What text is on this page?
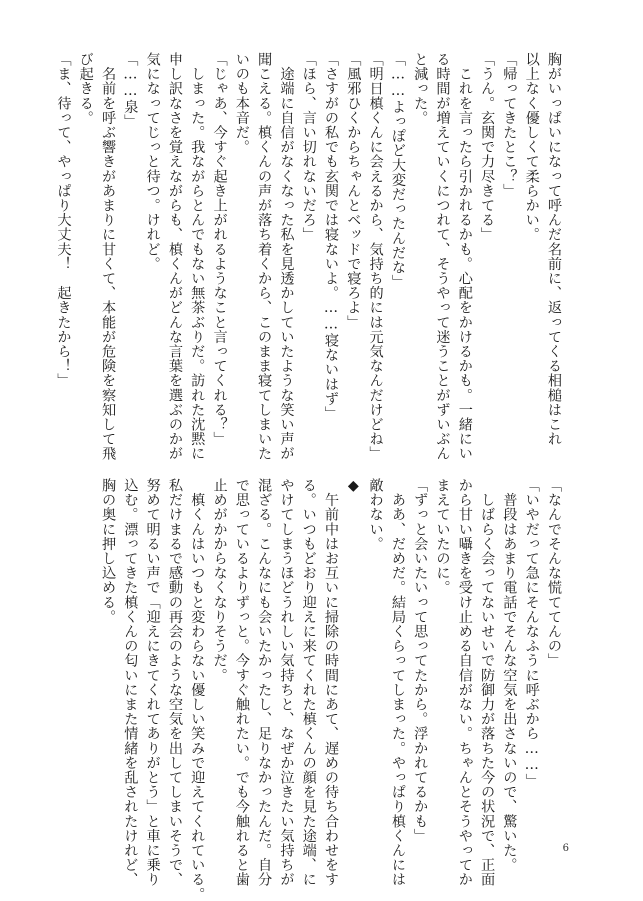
胸がいっぱいになって呼んだ名前に、返ってくる相槌はこれ
以上なく優しくて柔らかい。
「帰ってきたとこ？」
「うん。玄関で力尽きてる」
　これを言ったら引かれるかも。心配をかけるかも。一緒にい
る時間が増えていくにつれて、そうやって迷うことがずいぶん
と減った。
「……よっぽど大変だったんだな」
「明日槙くんに会えるから、気持ち的には元気なんだけどね」
「風邪ひくからちゃんとベッドで寝ろよ」
「さすがの私でも玄関では寝ないよ。……寝ないはず」
「ほら、言い切れないだろ」
　途端に自信がなくなった私を見透かしていたような笑い声が
聞こえる。槙くんの声が落ち着くから、このまま寝てしまいた
いのも本音だ。
「じゃあ、今すぐ起き上がれるようなこと言ってくれる？」
　しまった。我ながらとんでもない無茶ぶりだ。訪れた沈黙に
申し訳なさを覚えながらも、槙くんがどんな言葉を選ぶのかが
気になってじっと待つ。けれど。
「……泉」
　名前を呼ぶ響きがあまりに甘くて、本能が危険を察知して飛
び起きる。
「ま、待って、やっぱり大丈夫！　起きたから！」
「なんでそんな慌ててんの」
「いやだって急にそんなふうに呼ぶから……」
　普段はあまり電話でそんな空気を出さないので、驚いた。
　しばらく会ってないせいで防御力が落ちた今の状況で、正面
から甘い囁きを受け止める自信がない。ちゃんとそうやってか
まえていたのに。
「ずっと会いたいって思ってたから。浮かれてるかも」
　ああ、だめだ。結局くらってしまった。やっぱり槙くんには
敵わない。
◆
　午前中はお互いに掃除の時間にあて、遅めの待ち合わせをす
る。いつもどおり迎えに来てくれた槙くんの顔を見た途端、に
やけてしまうほどうれしい気持ちと、なぜか泣きたい気持ちが
混ざる。こんなにも会いたかったし、足りなかったんだ。自分
で思っているよりずっと。今すぐ触れたい。でも今触れると歯
止めがかからなくなりそうだ。
　槙くんはいつもと変わらない優しい笑みで迎えてくれている。
私だけまるで感動の再会のような空気を出してしまいそうで、
努めて明るい声で「迎えにきてくれてありがとう」と車に乗り
込む。漂ってきた槙くんの匂いにまた情緒を乱されたけれど、
胸の奥に押し込める。
6
